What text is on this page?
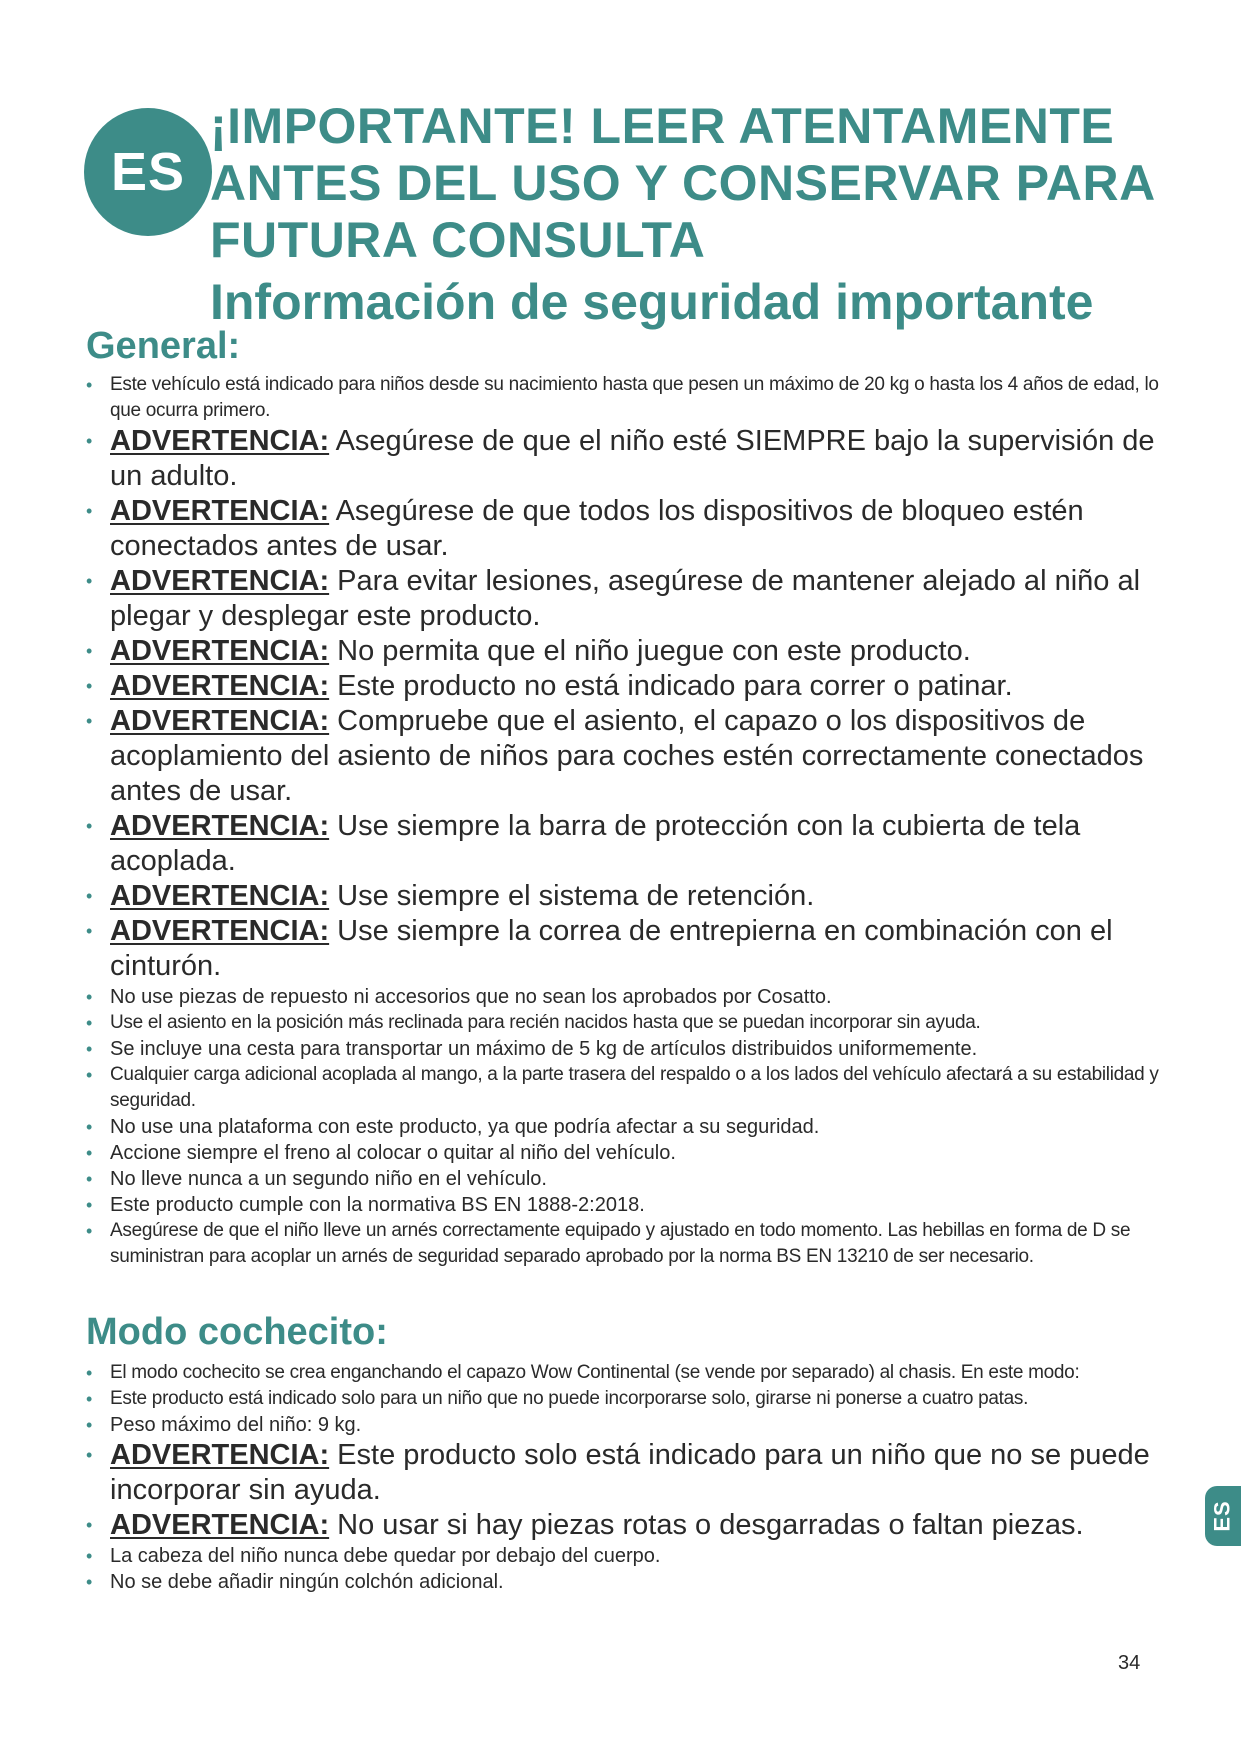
ES
¡IMPORTANTE! LEER ATENTAMENTE
ANTES DEL USO Y CONSERVAR PARA
FUTURA CONSULTA
Información de seguridad importante
General:
• Este vehículo está indicado para niños desde su nacimiento hasta que pesen un máximo de 20 kg o hasta los 4 años de edad, lo que ocurra primero.
• ADVERTENCIA: Asegúrese de que el niño esté SIEMPRE bajo la supervisión de un adulto.
• ADVERTENCIA: Asegúrese de que todos los dispositivos de bloqueo estén conectados antes de usar.
• ADVERTENCIA: Para evitar lesiones, asegúrese de mantener alejado al niño al plegar y desplegar este producto.
• ADVERTENCIA: No permita que el niño juegue con este producto.
• ADVERTENCIA: Este producto no está indicado para correr o patinar.
• ADVERTENCIA: Compruebe que el asiento, el capazo o los dispositivos de acoplamiento del asiento de niños para coches estén correctamente conectados antes de usar.
• ADVERTENCIA: Use siempre la barra de protección con la cubierta de tela acoplada.
• ADVERTENCIA: Use siempre el sistema de retención.
• ADVERTENCIA: Use siempre la correa de entrepierna en combinación con el cinturón.
• No use piezas de repuesto ni accesorios que no sean los aprobados por Cosatto.
• Use el asiento en la posición más reclinada para recién nacidos hasta que se puedan incorporar sin ayuda.
• Se incluye una cesta para transportar un máximo de 5 kg de artículos distribuidos uniformemente.
• Cualquier carga adicional acoplada al mango, a la parte trasera del respaldo o a los lados del vehículo afectará a su estabilidad y seguridad.
• No use una plataforma con este producto, ya que podría afectar a su seguridad.
• Accione siempre el freno al colocar o quitar al niño del vehículo.
• No lleve nunca a un segundo niño en el vehículo.
• Este producto cumple con la normativa BS EN 1888-2:2018.
• Asegúrese de que el niño lleve un arnés correctamente equipado y ajustado en todo momento. Las hebillas en forma de D se suministran para acoplar un arnés de seguridad separado aprobado por la norma BS EN 13210 de ser necesario.
Modo cochecito:
• El modo cochecito se crea enganchando el capazo Wow Continental (se vende por separado) al chasis. En este modo:
• Este producto está indicado solo para un niño que no puede incorporarse solo, girarse ni ponerse a cuatro patas.
• Peso máximo del niño: 9 kg.
• ADVERTENCIA: Este producto solo está indicado para un niño que no se puede incorporar sin ayuda.
• ADVERTENCIA: No usar si hay piezas rotas o desgarradas o faltan piezas.
• La cabeza del niño nunca debe quedar por debajo del cuerpo.
• No se debe añadir ningún colchón adicional.
ES
34
